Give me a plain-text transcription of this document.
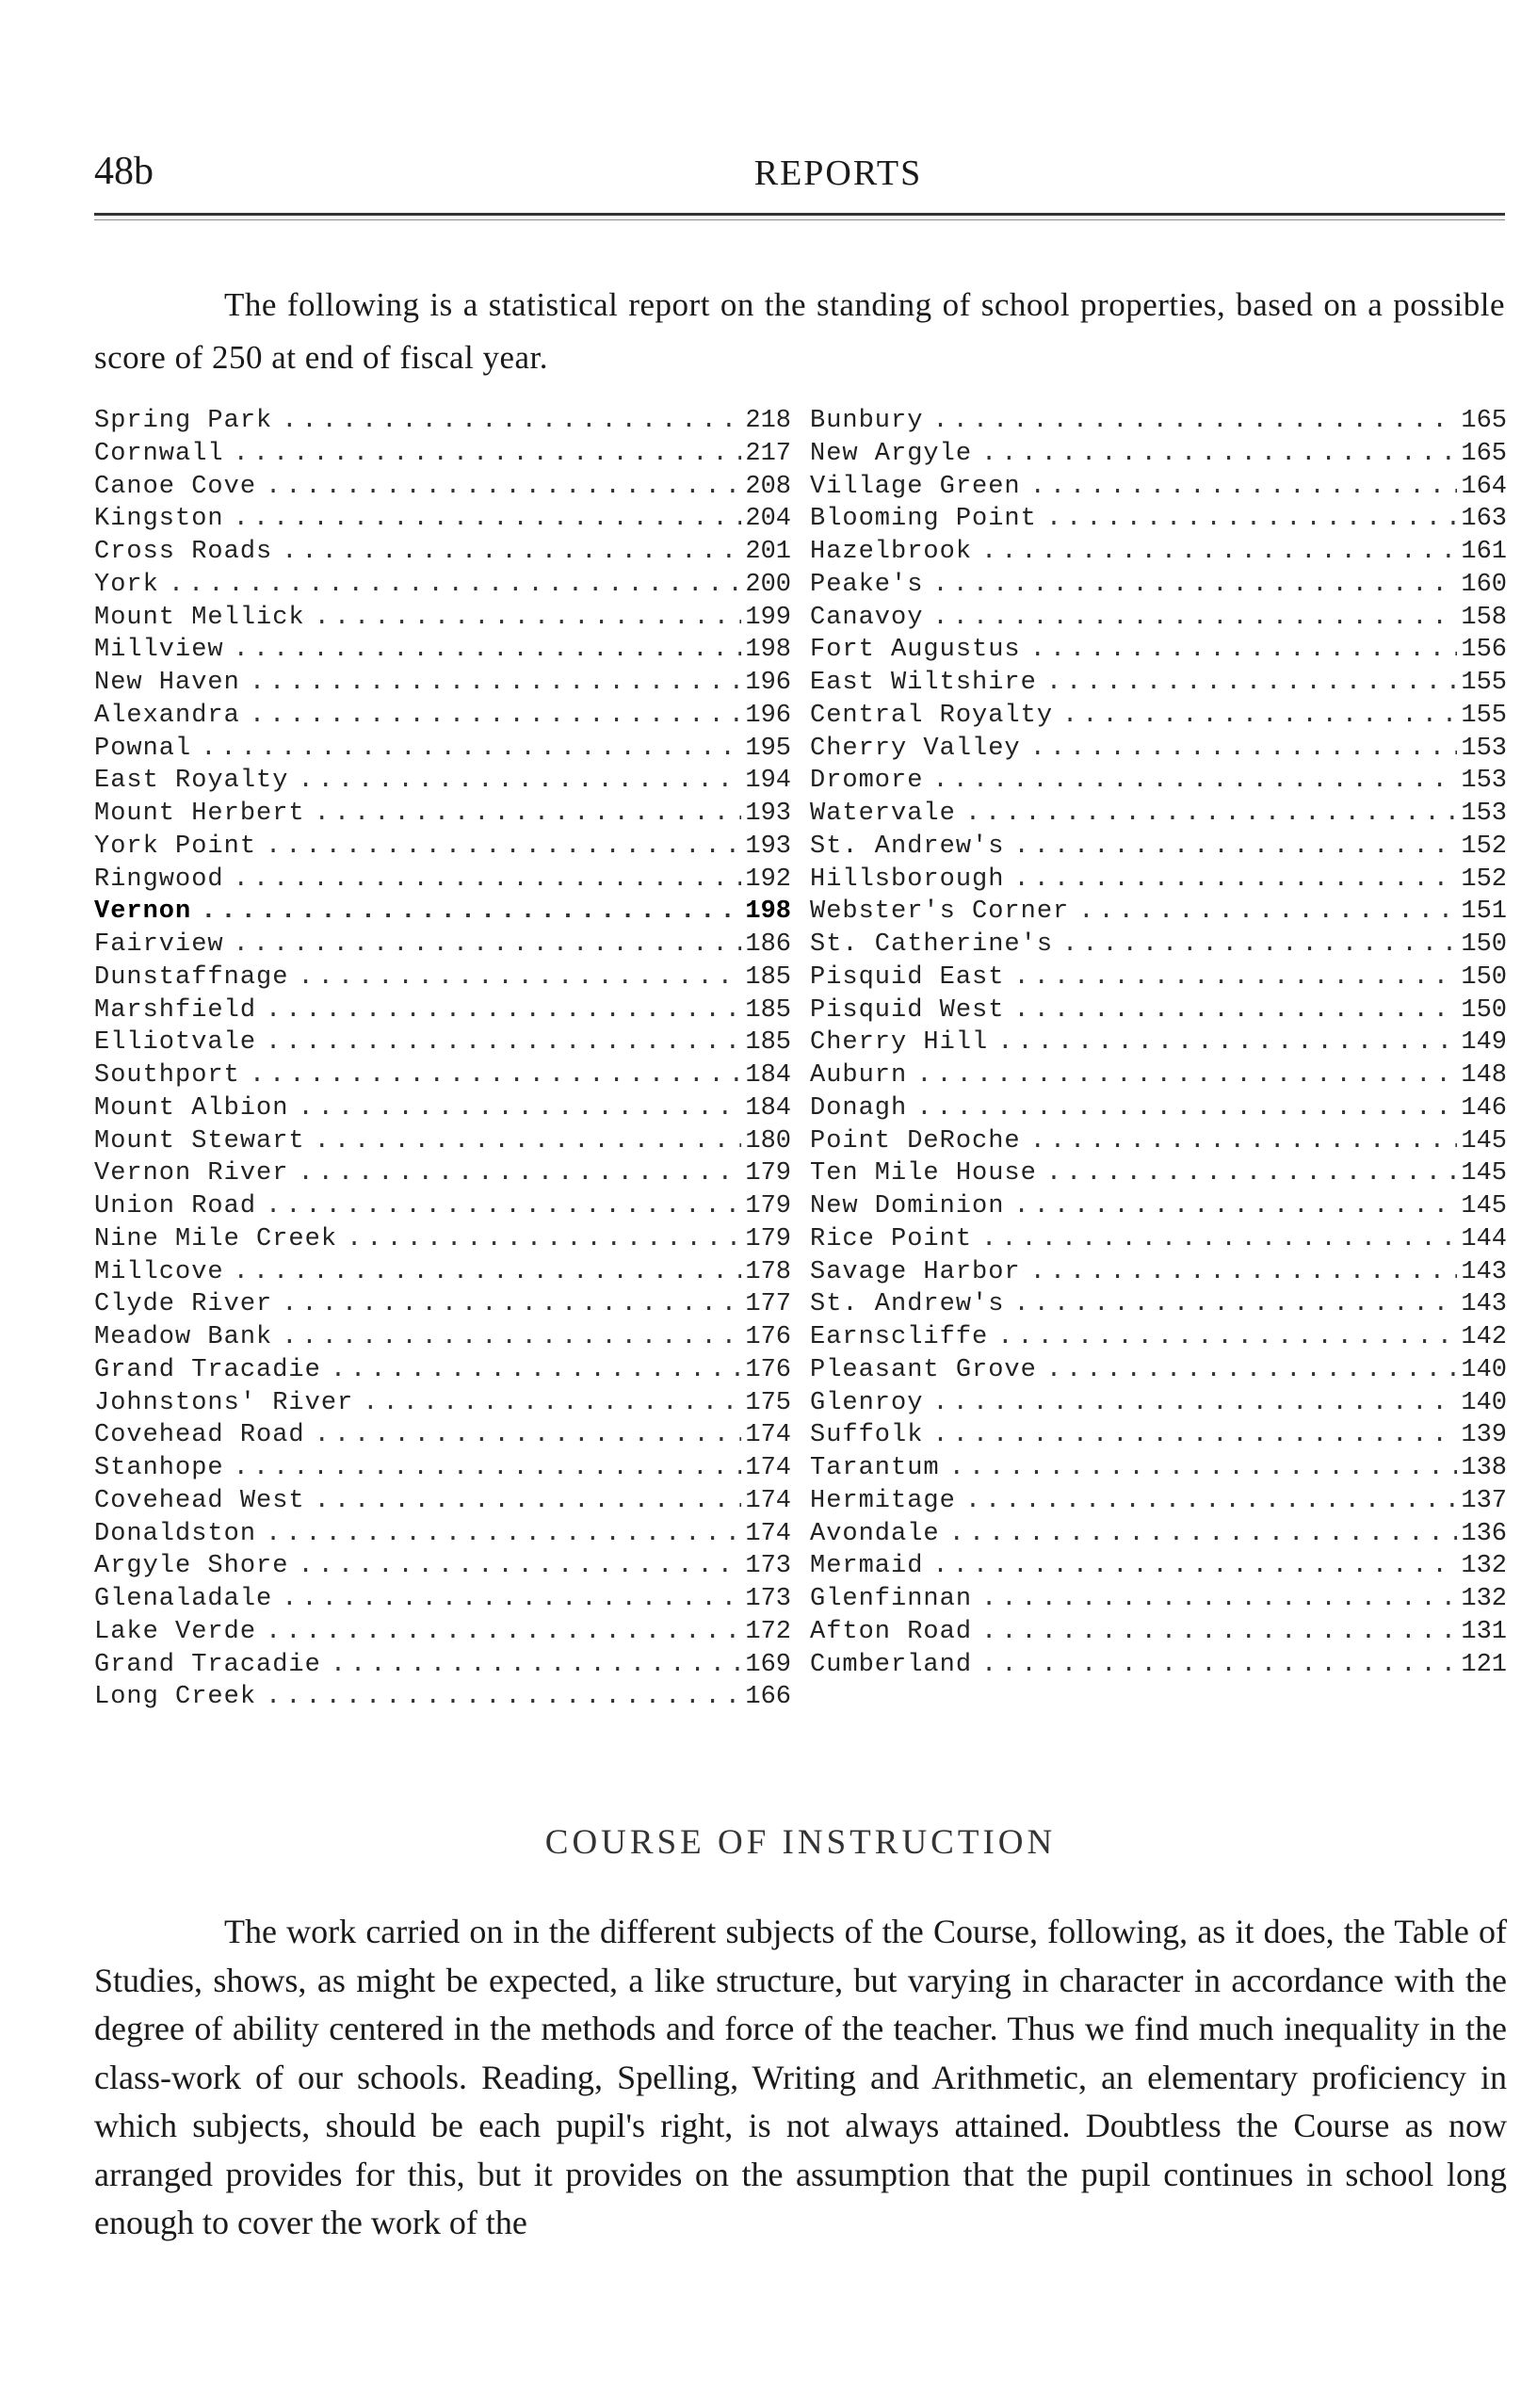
48b	REPORTS

The following is a statistical report on the standing of school properties, based on a possible score of 250 at end of fiscal year.

Spring Park .....	218
Cornwall .....	217
Canoe Cove .....	208
Kingston .....	204
Cross Roads .....	201
York .....	200
Mount Mellick .....	199
Millview .....	198
New Haven .....	196
Alexandra .....	196
Pownal .....	195
East Royalty .....	194
Mount Herbert .....	193
York Point .....	193
Ringwood .....	192
Vernon .....	198
Fairview .....	186
Dunstaffnage .....	185
Marshfield .....	185
Elliotvale .....	185
Southport .....	184
Mount Albion .....	184
Mount Stewart .....	180
Vernon River .....	179
Union Road .....	179
Nine Mile Creek .....	179
Millcove .....	178
Clyde River .....	177
Meadow Bank .....	176
Grand Tracadie .....	176
Johnstons' River .....	175
Covehead Road .....	174
Stanhope .....	174
Covehead West .....	174
Donaldston .....	174
Argyle Shore .....	173
Glenaladale .....	173
Lake Verde .....	172
Grand Tracadie .....	169
Long Creek .....	166
Bunbury .....	165
New Argyle .....	165
Village Green .....	164
Blooming Point .....	163
Hazelbrook .....	161
Peake's .....	160
Canavoy .....	158
Fort Augustus .....	156
East Wiltshire .....	155
Central Royalty .....	155
Cherry Valley .....	153
Dromore .....	153
Watervale .....	153
St. Andrew's .....	152
Hillsborough .....	152
Webster's Corner .....	151
St. Catherine's .....	150
Pisquid East .....	150
Pisquid West .....	150
Cherry Hill .....	149
Auburn .....	148
Donagh .....	146
Point DeRoche .....	145
Ten Mile House .....	145
New Dominion .....	145
Rice Point .....	144
Savage Harbor .....	143
St. Andrew's .....	143
Earnscliffe .....	142
Pleasant Grove .....	140
Glenroy .....	140
Suffolk .....	139
Tarantum .....	138
Hermitage .....	137
Avondale .....	136
Mermaid .....	132
Glenfinnan .....	132
Afton Road .....	131
Cumberland .....	121
COURSE OF INSTRUCTION

The work carried on in the different subjects of the Course, following, as it does, the Table of Studies, shows, as might be expected, a like structure, but varying in character in accordance with the degree of ability centered in the methods and force of the teacher. Thus we find much inequality in the class-work of our schools. Reading, Spelling, Writing and Arithmetic, an elementary proficiency in which subjects, should be each pupil's right, is not always attained. Doubtless the Course as now arranged provides for this, but it provides on the assumption that the pupil continues in school long enough to cover the work of the
